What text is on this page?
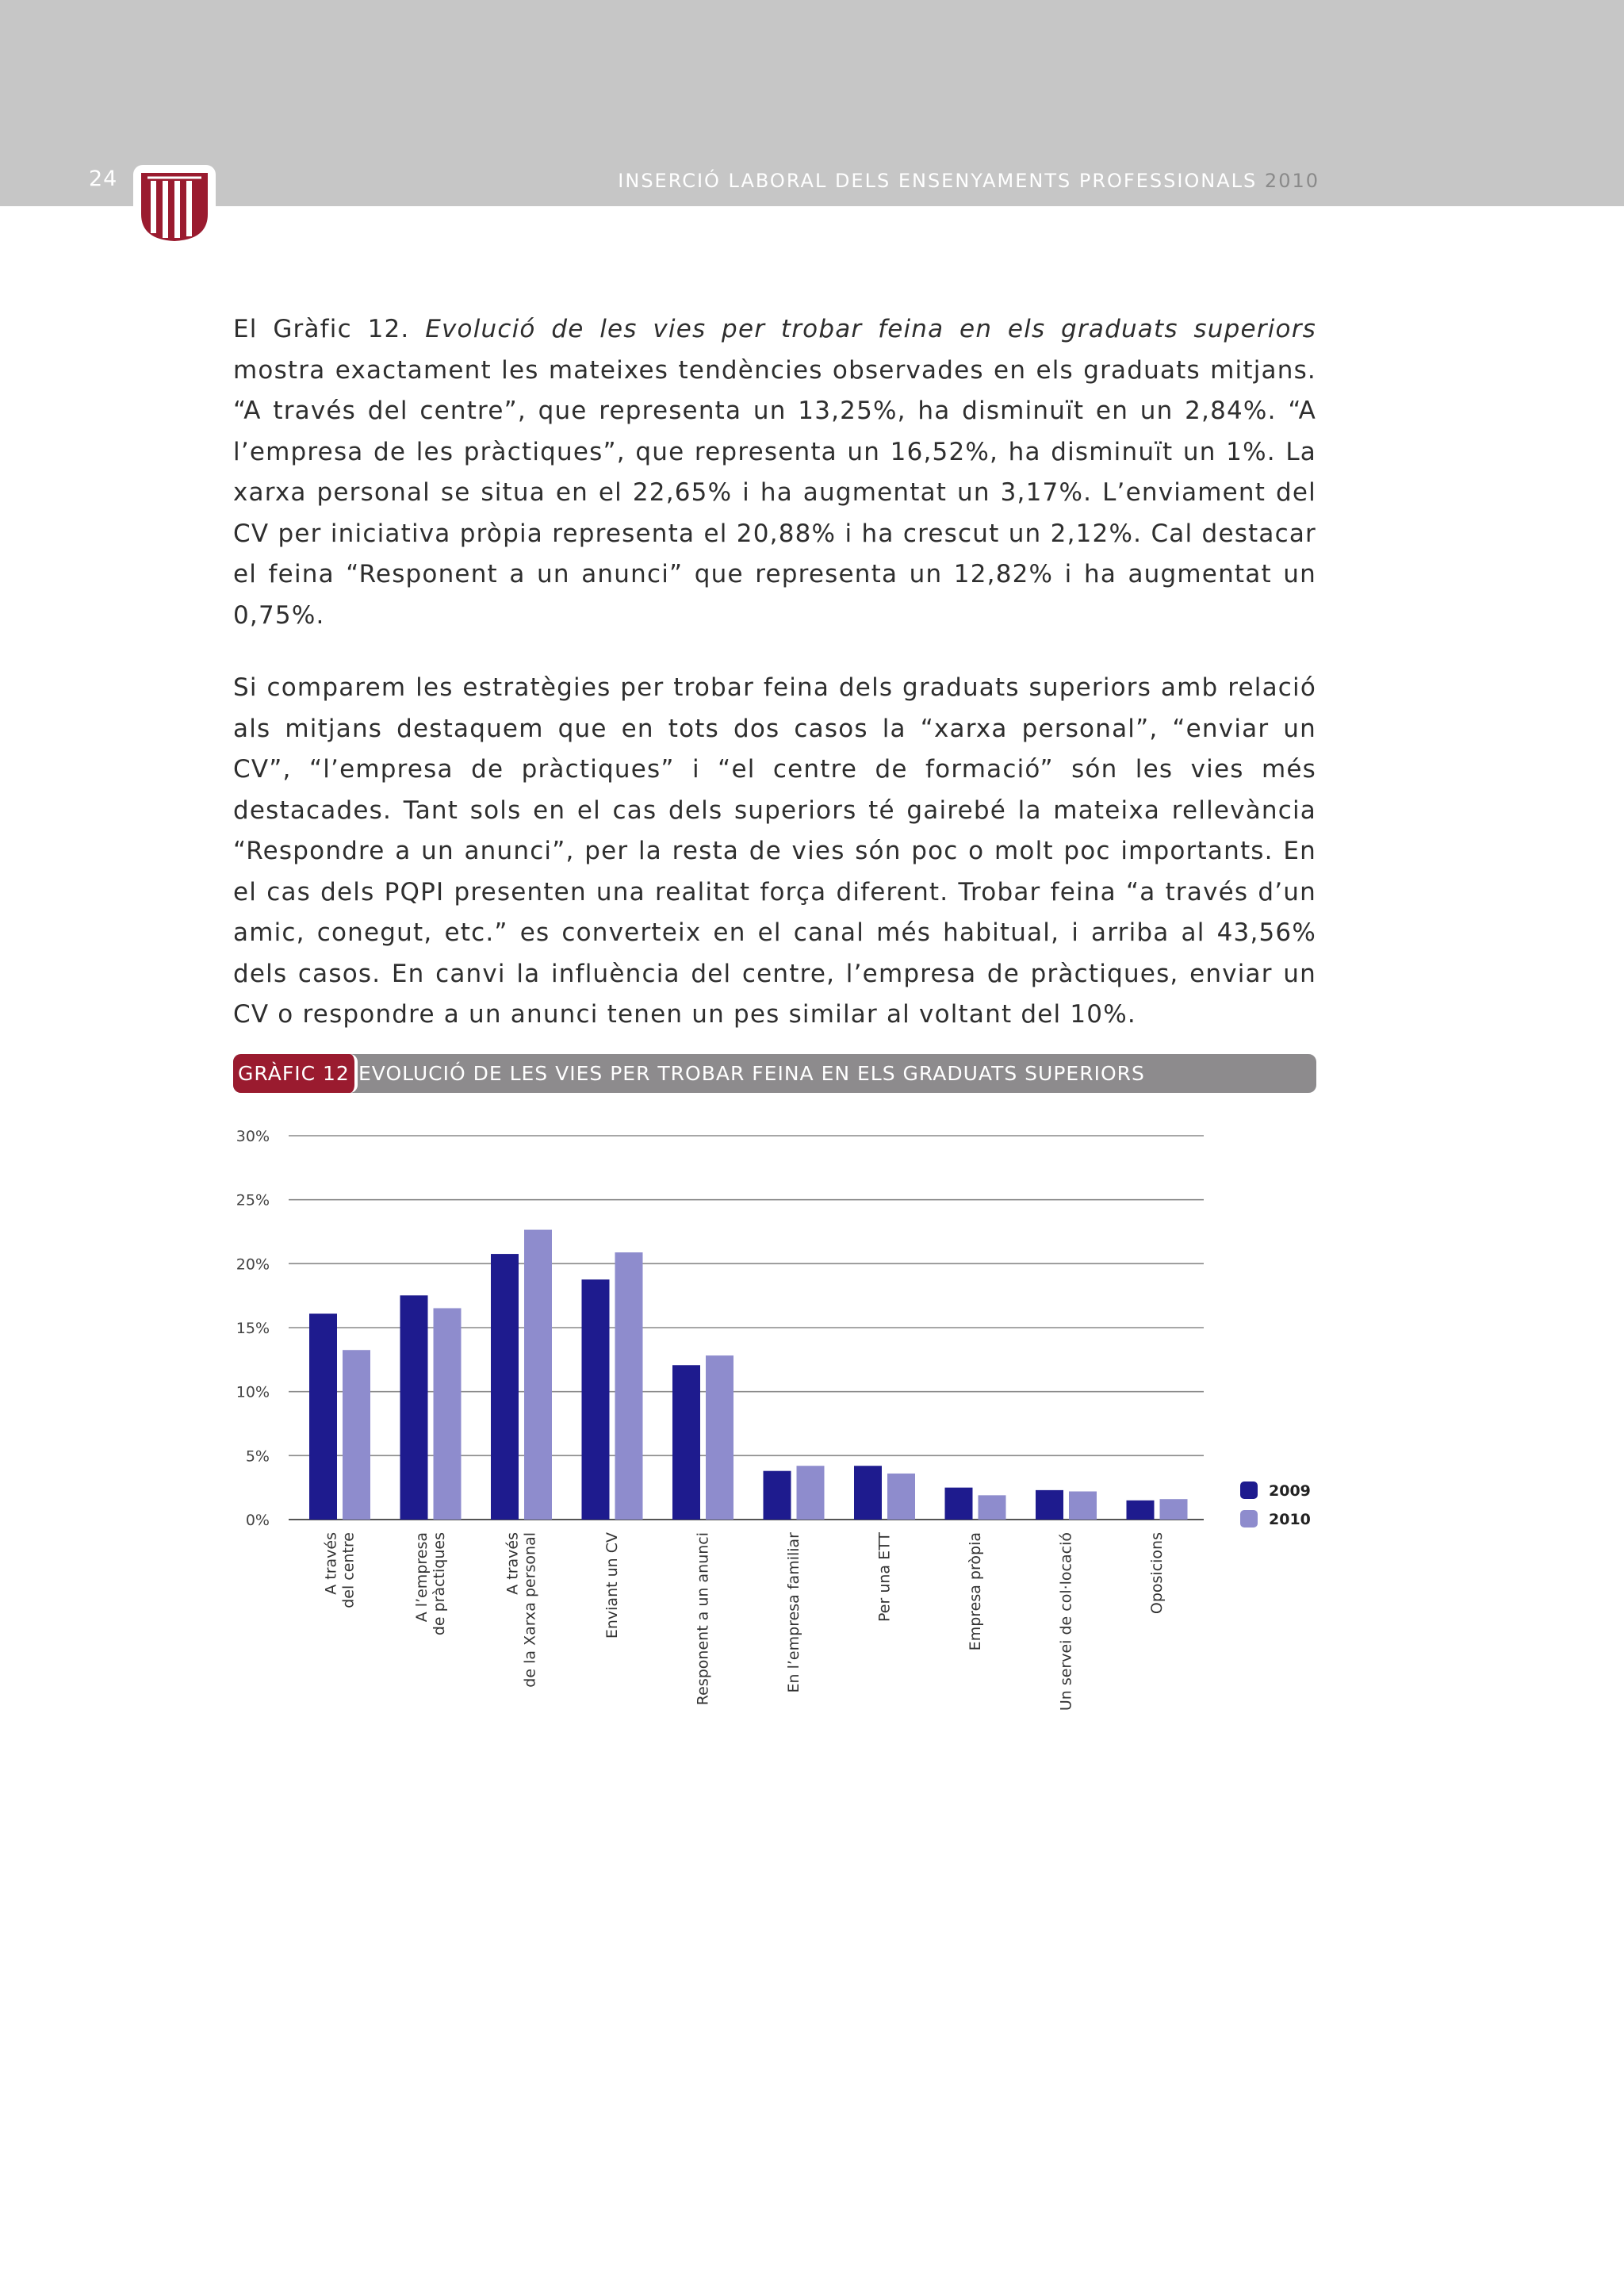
24	INSERCIÓ LABORAL DELS ENSENYAMENTS PROFESSIONALS 2010

El Gràfic 12. Evolució de les vies per trobar feina en els graduats superiors mostra exactament les mateixes tendències observades en els graduats mitjans. “A través del centre”, que representa un 13,25%, ha disminuït en un 2,84%. “A l’empresa de les pràctiques”, que representa un 16,52%, ha disminuït un 1%. La xarxa personal se situa en el 22,65% i ha augmentat un 3,17%. L’enviament del CV per iniciativa pròpia representa el 20,88% i ha crescut un 2,12%. Cal destacar el feina “Responent a un anunci” que representa un 12,82% i ha augmentat un 0,75%.

Si comparem les estratègies per trobar feina dels graduats superiors amb relació als mitjans destaquem que en tots dos casos la “xarxa personal”, “enviar un CV”, “l’empresa de pràctiques” i “el centre de formació” són les vies més destacades. Tant sols en el cas dels superiors té gairebé la mateixa rellevància “Respondre a un anunci”, per la resta de vies són poc o molt poc importants. En el cas dels PQPI presenten una realitat força diferent. Trobar feina “a través d’un amic, conegut, etc.” es converteix en el canal més habitual, i arriba al 43,56% dels casos. En canvi la influència del centre, l’empresa de pràctiques, enviar un CV o respondre a un anunci tenen un pes similar al voltant del 10%.

GRÀFIC 12 EVOLUCIÓ DE LES VIES PER TROBAR FEINA EN ELS GRADUATS SUPERIORS
0%
5%
10%
15%
20%
25%
30%
A través del centre	A l’empresa de pràctiques	A través de la Xarxa personal	Enviant un CV	Responent a un anunci	En l’empresa familiar	Per una ETT	Empresa pròpia	Un servei de col·locació	Oposicions
2009
2010
